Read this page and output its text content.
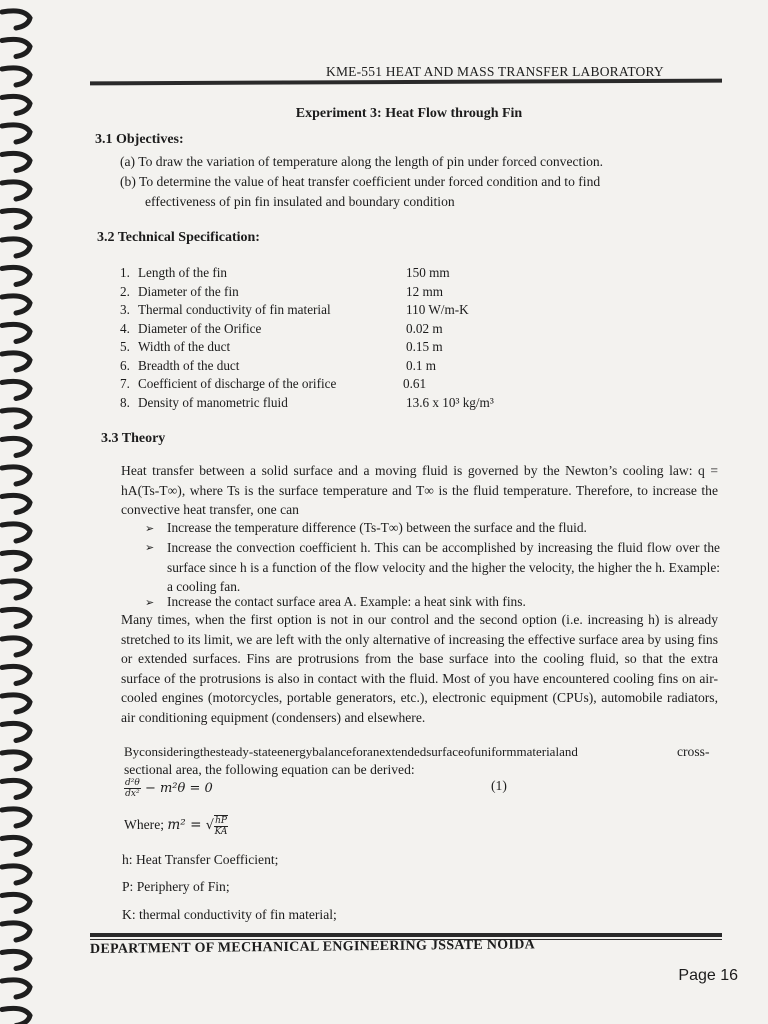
KME-551 HEAT AND MASS TRANSFER LABORATORY
Experiment 3: Heat Flow through Fin
3.1 Objectives:
(a) To draw the variation of temperature along the length of pin under forced convection.
(b) To determine the value of heat transfer coefficient under forced condition and to find
effectiveness of pin fin insulated and boundary condition
3.2 Technical Specification:
1. Length of the fin	150 mm
2. Diameter of the fin	12 mm
3. Thermal conductivity of fin material	110 W/m-K
4. Diameter of the Orifice	0.02 m
5. Width of the duct	0.15 m
6. Breadth of the duct	0.1 m
7. Coefficient of discharge of the orifice	0.61
8. Density of manometric fluid	13.6 x 10³ kg/m³
3.3 Theory
Heat transfer between a solid surface and a moving fluid is governed by the Newton’s cooling law: q = hA(Ts-T∞), where Ts is the surface temperature and T∞ is the fluid temperature. Therefore, to increase the convective heat transfer, one can
➢ Increase the temperature difference (Ts-T∞) between the surface and the fluid.
➢ Increase the convection coefficient h. This can be accomplished by increasing the fluid flow over the surface since h is a function of the flow velocity and the higher the velocity, the higher the h. Example: a cooling fan.
➢ Increase the contact surface area A. Example: a heat sink with fins.
Many times, when the first option is not in our control and the second option (i.e. increasing h) is already stretched to its limit, we are left with the only alternative of increasing the effective surface area by using fins or extended surfaces. Fins are protrusions from the base surface into the cooling fluid, so that the extra surface of the protrusions is also in contact with the fluid. Most of you have encountered cooling fins on air-cooled engines (motorcycles, portable generators, etc.), electronic equipment (CPUs), automobile radiators, air conditioning equipment (condensers) and elsewhere.
Byconsideringthesteady-stateenergybalanceforanextendedsurfaceofuniformmaterialand	cross-
sectional area, the following equation can be derived:
$\frac{\text{d²θ}}{\text{dx²}} - m^2\theta = 0$	(1)
Where; m² = √ $\frac{hP}{KA}$
h: Heat Transfer Coefficient;
P: Periphery of Fin;
K: thermal conductivity of fin material;
DEPARTMENT OF MECHANICAL ENGINEERING JSSATE NOIDA
Page 16
